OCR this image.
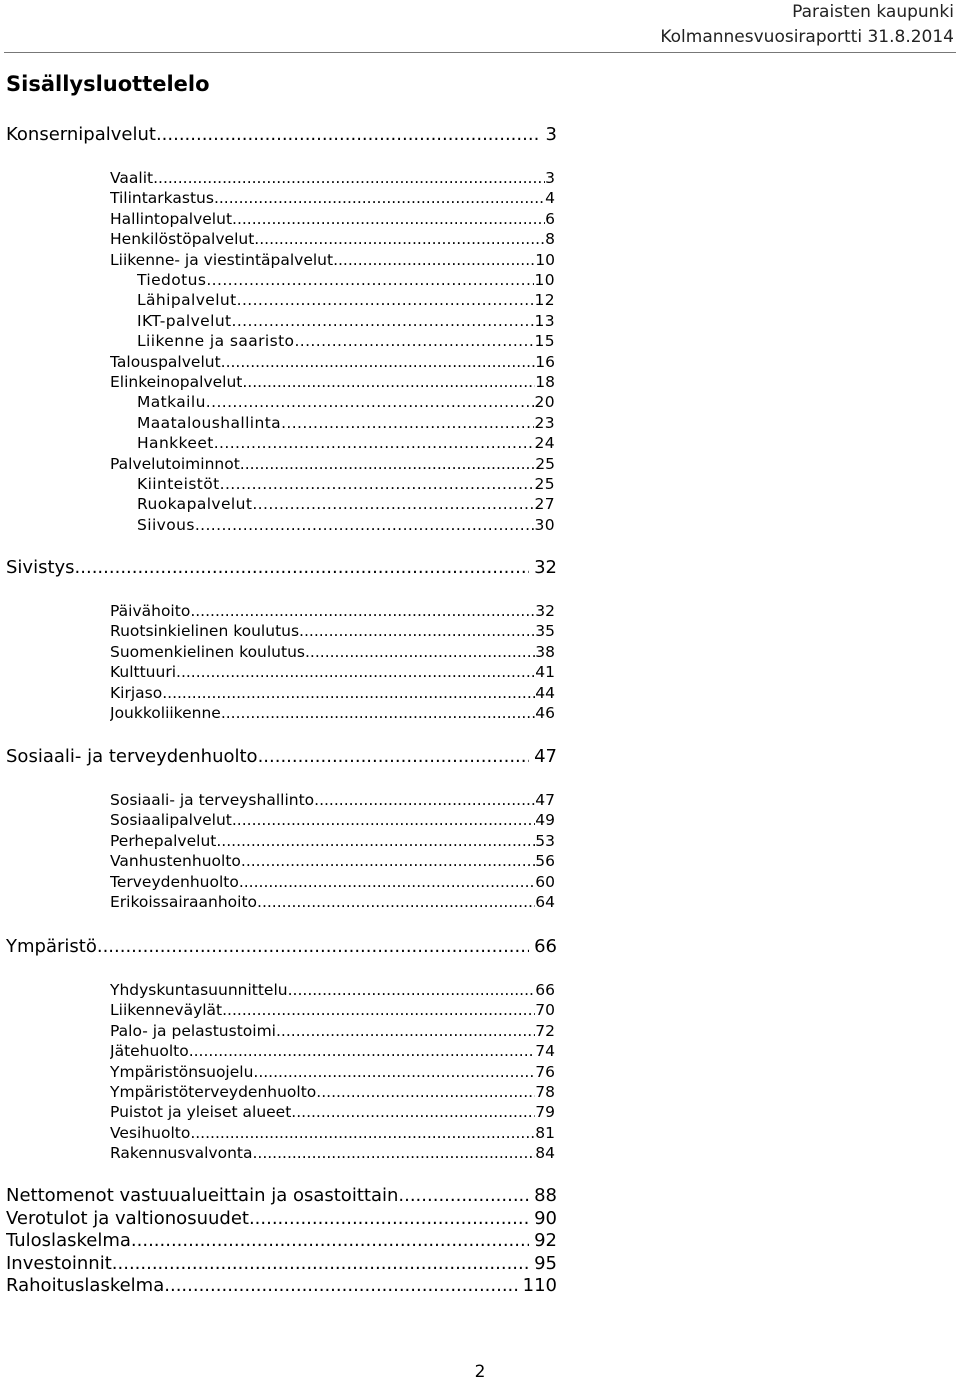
Paraisten kaupunki
Kolmannesvuosiraportti 31.8.2014
Sisällysluottelelo
Konsernipalvelut .....	3
Vaalit .....	3
Tilintarkastus .....	4
Hallintopalvelut .....	6
Henkilöstöpalvelut .....	8
Liikenne- ja viestintäpalvelut .....	10
Tiedotus .....	10
Lähipalvelut .....	12
IKT-palvelut .....	13
Liikenne ja saaristo .....	15
Talouspalvelut .....	16
Elinkeinopalvelut .....	18
Matkailu .....	20
Maataloushallinta .....	23
Hankkeet .....	24
Palvelutoiminnot .....	25
Kiinteistöt .....	25
Ruokapalvelut .....	27
Siivous .....	30
Sivistys .....	32
Päivähoito .....	32
Ruotsinkielinen koulutus .....	35
Suomenkielinen koulutus .....	38
Kulttuuri .....	41
Kirjaso .....	44
Joukkoliikenne .....	46
Sosiaali- ja terveydenhuolto .....	47
Sosiaali- ja terveyshallinto .....	47
Sosiaalipalvelut .....	49
Perhepalvelut .....	53
Vanhustenhuolto .....	56
Terveydenhuolto .....	60
Erikoissairaanhoito .....	64
Ympäristö .....	66
Yhdyskuntasuunnittelu .....	66
Liikenneväylät .....	70
Palo- ja pelastustoimi .....	72
Jätehuolto .....	74
Ympäristönsuojelu .....	76
Ympäristöterveydenhuolto .....	78
Puistot ja yleiset alueet .....	79
Vesihuolto .....	81
Rakennusvalvonta .....	84
Nettomenot vastuualueittain ja osastoittain .....	88
Verotulot ja valtionosuudet .....	90
Tuloslaskelma .....	92
Investoinnit .....	95
Rahoituslaskelma .....	110
2
